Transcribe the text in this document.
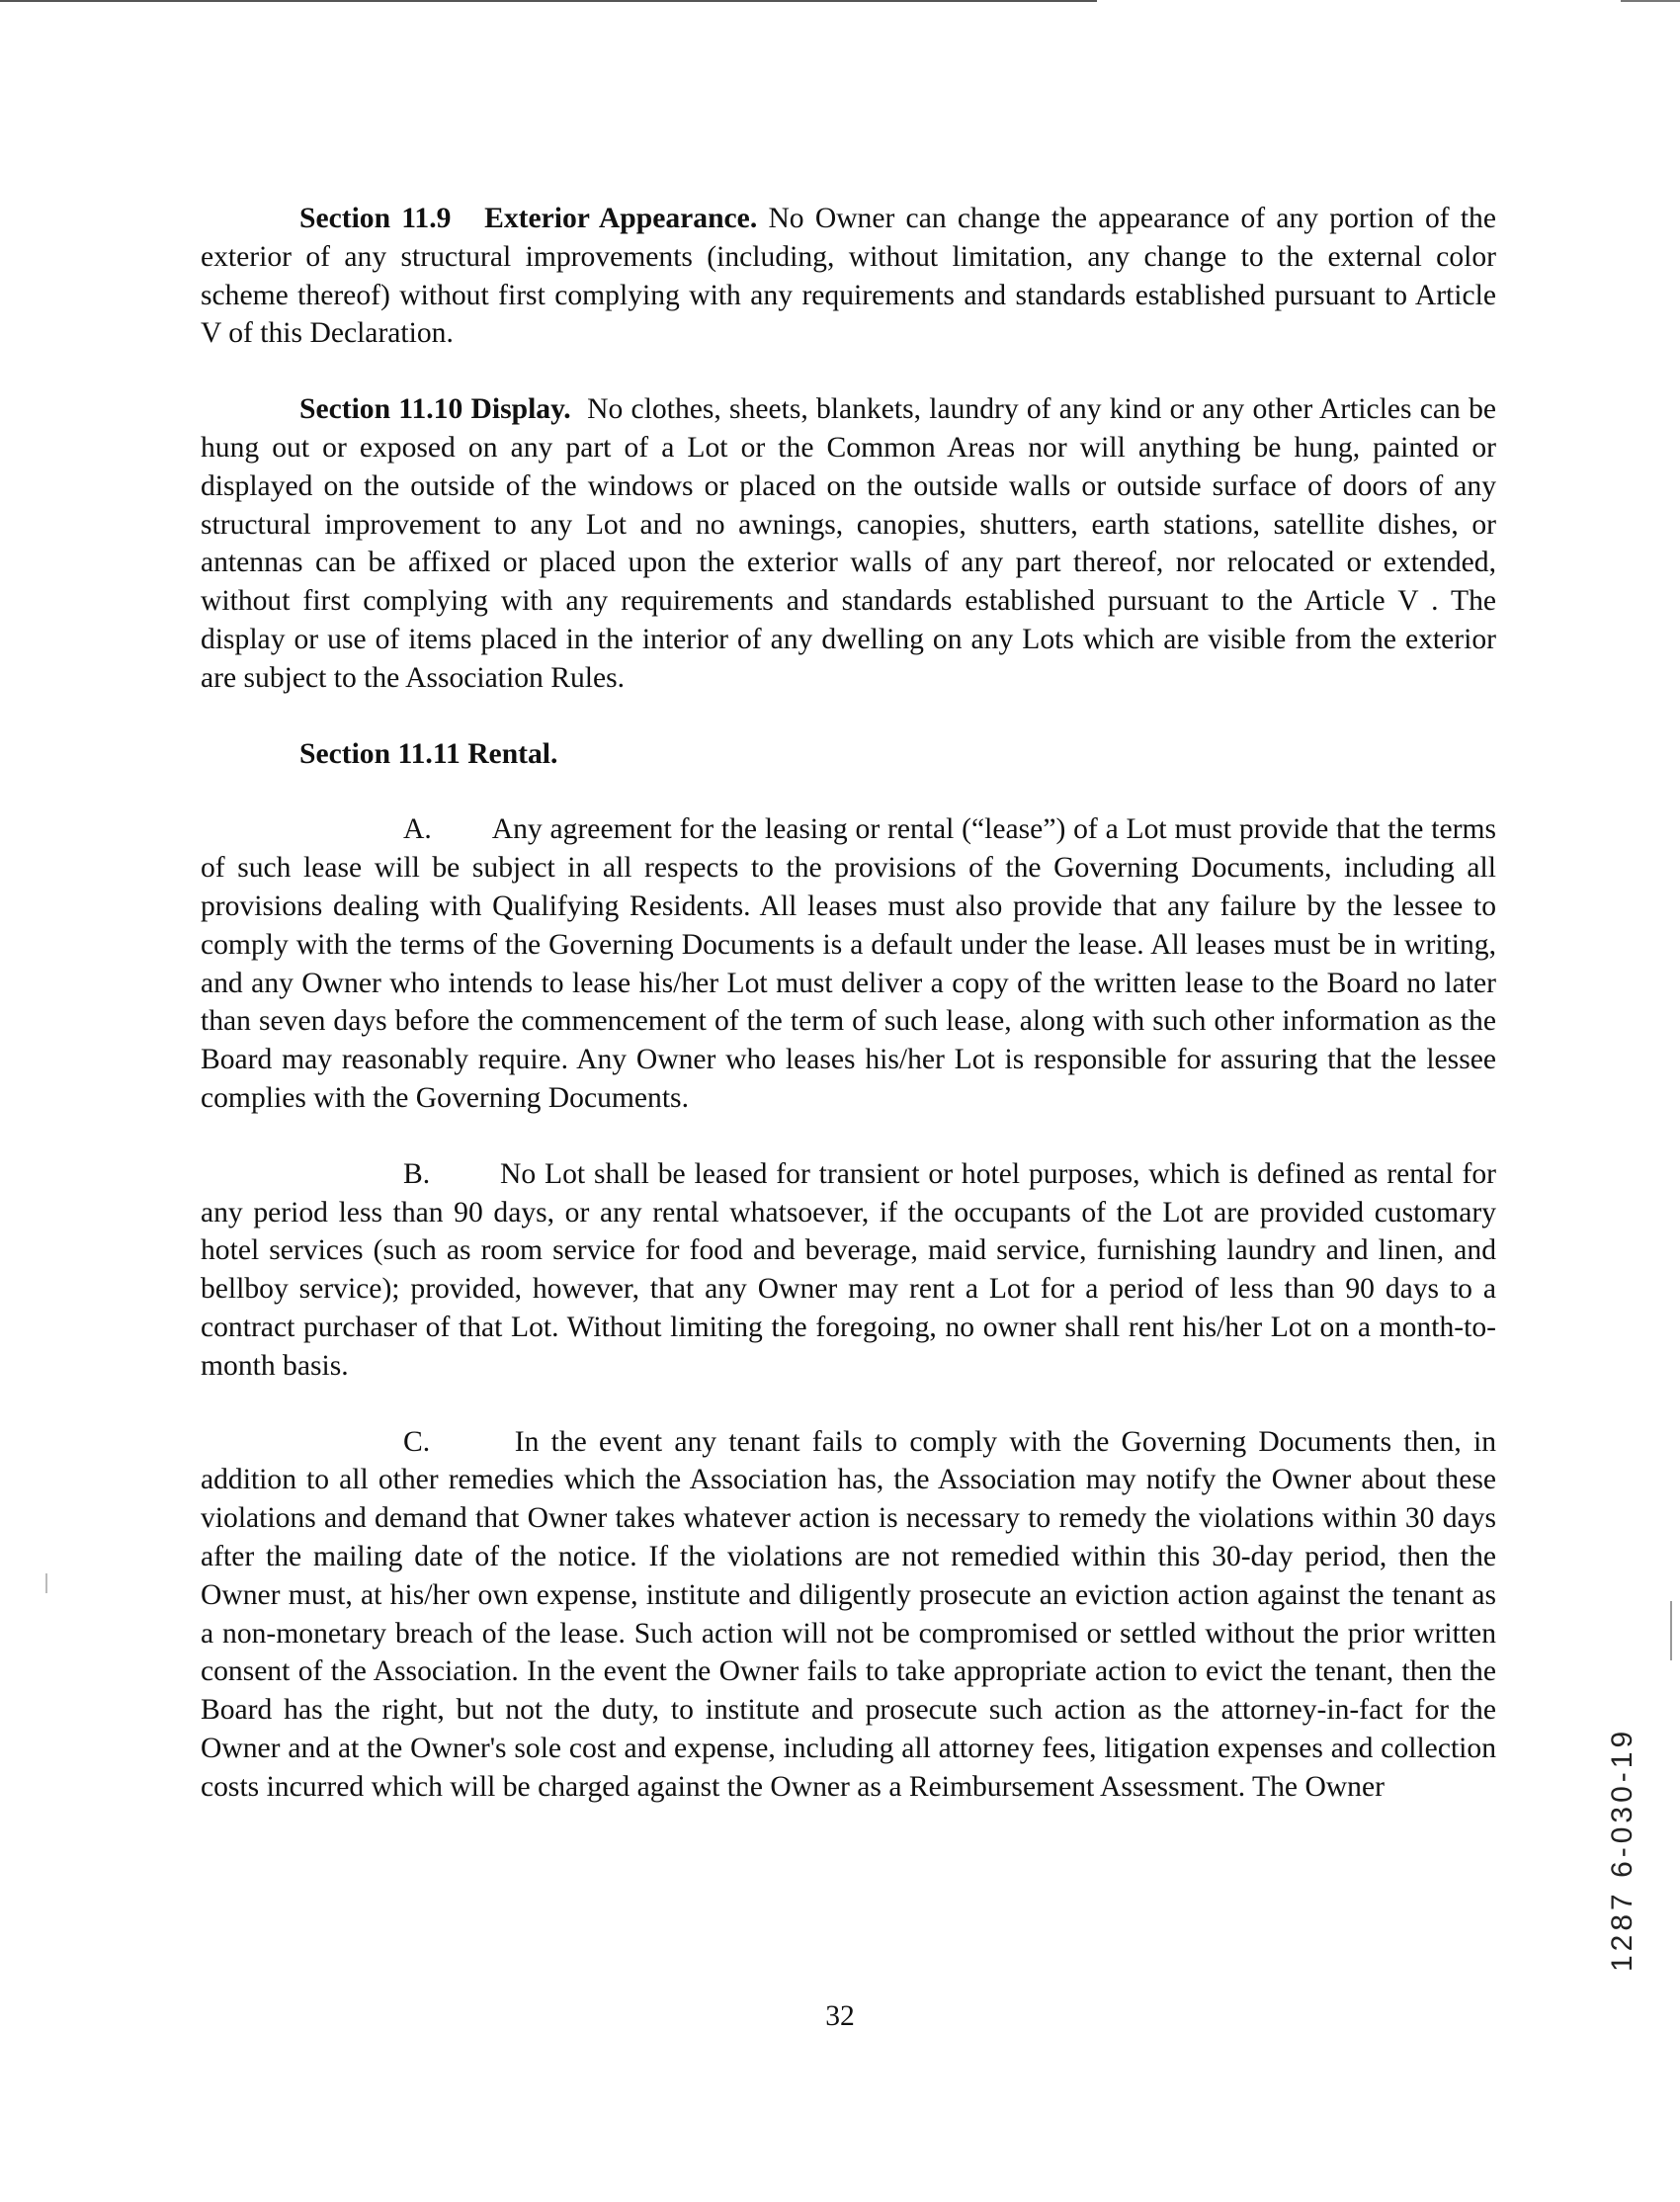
Section 11.9 Exterior Appearance. No Owner can change the appearance of any portion of the exterior of any structural improvements (including, without limitation, any change to the external color scheme thereof) without first complying with any requirements and standards established pursuant to Article V of this Declaration.

Section 11.10 Display. No clothes, sheets, blankets, laundry of any kind or any other Articles can be hung out or exposed on any part of a Lot or the Common Areas nor will anything be hung, painted or displayed on the outside of the windows or placed on the outside walls or outside surface of doors of any structural improvement to any Lot and no awnings, canopies, shutters, earth stations, satellite dishes, or antennas can be affixed or placed upon the exterior walls of any part thereof, nor relocated or extended, without first complying with any requirements and standards established pursuant to the Article V . The display or use of items placed in the interior of any dwelling on any Lots which are visible from the exterior are subject to the Association Rules.

Section 11.11 Rental.

A. Any agreement for the leasing or rental (“lease”) of a Lot must provide that the terms of such lease will be subject in all respects to the provisions of the Governing Documents, including all provisions dealing with Qualifying Residents. All leases must also provide that any failure by the lessee to comply with the terms of the Governing Documents is a default under the lease. All leases must be in writing, and any Owner who intends to lease his/her Lot must deliver a copy of the written lease to the Board no later than seven days before the commencement of the term of such lease, along with such other information as the Board may reasonably require. Any Owner who leases his/her Lot is responsible for assuring that the lessee complies with the Governing Documents.

B. No Lot shall be leased for transient or hotel purposes, which is defined as rental for any period less than 90 days, or any rental whatsoever, if the occupants of the Lot are provided customary hotel services (such as room service for food and beverage, maid service, furnishing laundry and linen, and bellboy service); provided, however, that any Owner may rent a Lot for a period of less than 90 days to a contract purchaser of that Lot. Without limiting the foregoing, no owner shall rent his/her Lot on a month-to-month basis.

C.	In the event any tenant fails to comply with the Governing Documents then, in addition to all other remedies which the Association has, the Association may notify the Owner about these violations and demand that Owner takes whatever action is necessary to remedy the violations within 30 days after the mailing date of the notice. If the violations are not remedied within this 30-day period, then the Owner must, at his/her own expense, institute and diligently prosecute an eviction action against the tenant as a non-monetary breach of the lease. Such action will not be compromised or settled without the prior written consent of the Association. In the event the Owner fails to take appropriate action to evict the tenant, then the Board has the right, but not the duty, to institute and prosecute such action as the attorney-in-fact for the Owner and at the Owner's sole cost and expense, including all attorney fees, litigation expenses and collection costs incurred which will be charged against the Owner as a Reimbursement Assessment. The Owner	1287 6-030-19
32
